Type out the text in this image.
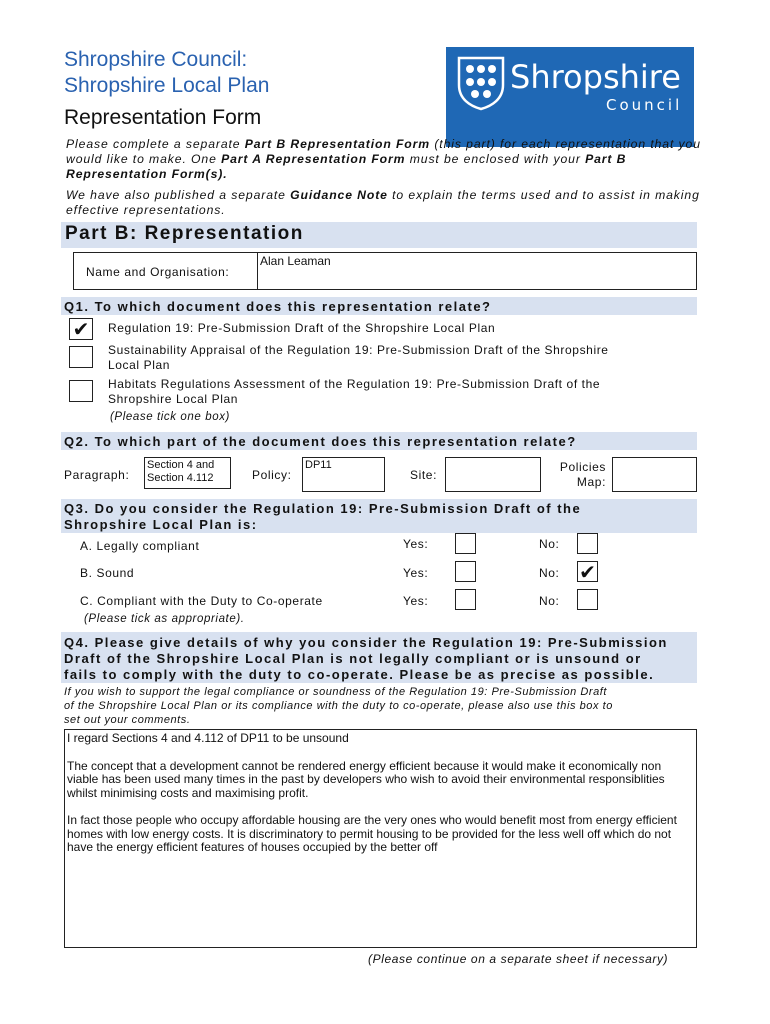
Shropshire Council:
Shropshire Local Plan
Representation Form
Shropshire
Council
Please complete a separate Part B Representation Form (this part) for each representation that you would like to make. One Part A Representation Form must be enclosed with your Part B Representation Form(s).
We have also published a separate Guidance Note to explain the terms used and to assist in making effective representations.
Part B: Representation
Name and Organisation:
Alan Leaman
Q1. To which document does this representation relate?
✔	Regulation 19: Pre-Submission Draft of the Shropshire Local Plan
Sustainability Appraisal of the Regulation 19: Pre-Submission Draft of the Shropshire
Local Plan
Habitats Regulations Assessment of the Regulation 19: Pre-Submission Draft of the
Shropshire Local Plan
(Please tick one box)
Q2. To which part of the document does this representation relate?
Paragraph:
Section 4 and Section 4.112	Policy:
DP11
Site:
Policies
Map:
Q3. Do you consider the Regulation 19: Pre-Submission Draft of the
Shropshire Local Plan is:
A. Legally compliant	Yes:	No:
B. Sound	Yes:	No: ✔
C. Compliant with the Duty to Co-operate	Yes:	No:
(Please tick as appropriate).
Q4. Please give details of why you consider the Regulation 19: Pre-Submission
Draft of the Shropshire Local Plan is not legally compliant or is unsound or
fails to comply with the duty to co-operate. Please be as precise as possible.
If you wish to support the legal compliance or soundness of the Regulation 19: Pre-Submission Draft
of the Shropshire Local Plan or its compliance with the duty to co-operate, please also use this box to
set out your comments.

I regard Sections 4 and 4.112 of DP11 to be unsound

The concept that a development cannot be rendered energy efficient because it would make it economically non viable has been used many times in the past by developers who wish to avoid their environmental responsiblities whilst minimising costs and maximising profit.

In fact those people who occupy affordable housing are the very ones who would benefit most from energy efficient homes with low energy costs. It is discriminatory to permit housing to be provided for the less well off which do not have the energy efficient features of houses occupied by the better off

(Please continue on a separate sheet if necessary)
